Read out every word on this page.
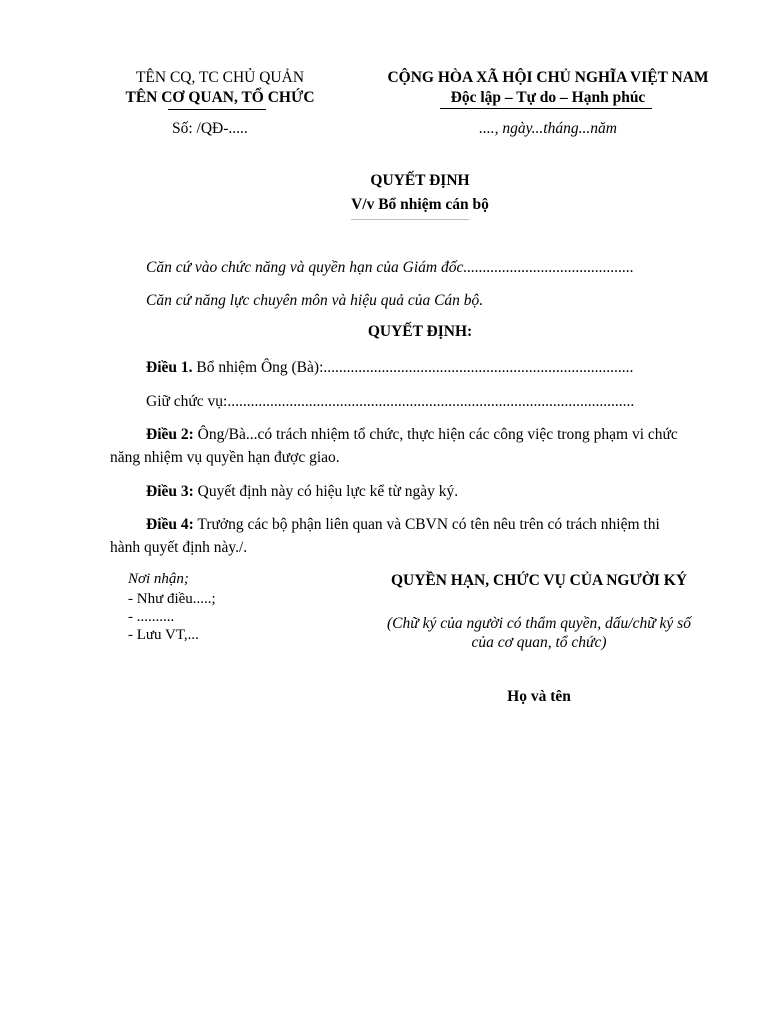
TÊN CQ, TC CHỦ QUẢN
TÊN CƠ QUAN, TỔ CHỨC
Số: /QĐ-.....
CỘNG HÒA XÃ HỘI CHỦ NGHĨA VIỆT NAM
Độc lập – Tự do – Hạnh phúc
...., ngày...tháng...năm
QUYẾT ĐỊNH
V/v Bổ nhiệm cán bộ
Căn cứ vào chức năng và quyền hạn của Giám đốc............................................
Căn cứ năng lực chuyên môn và hiệu quả của Cán bộ.
QUYẾT ĐỊNH:
Điều 1. Bổ nhiệm Ông (Bà):................................................................................
Giữ chức vụ:.........................................................................................................
Điều 2: Ông/Bà...có trách nhiệm tổ chức, thực hiện các công việc trong phạm vi chức năng nhiệm vụ quyền hạn được giao.
Điều 3: Quyết định này có hiệu lực kể từ ngày ký.
Điều 4: Trưởng các bộ phận liên quan và CBVN có tên nêu trên có trách nhiệm thi hành quyết định này./.
Nơi nhận;
- Như điều.....;
- ..........
- Lưu VT,...
QUYỀN HẠN, CHỨC VỤ CỦA NGƯỜI KÝ
(Chữ ký của người có thẩm quyền, dấu/chữ ký số của cơ quan, tổ chức)
Họ và tên
